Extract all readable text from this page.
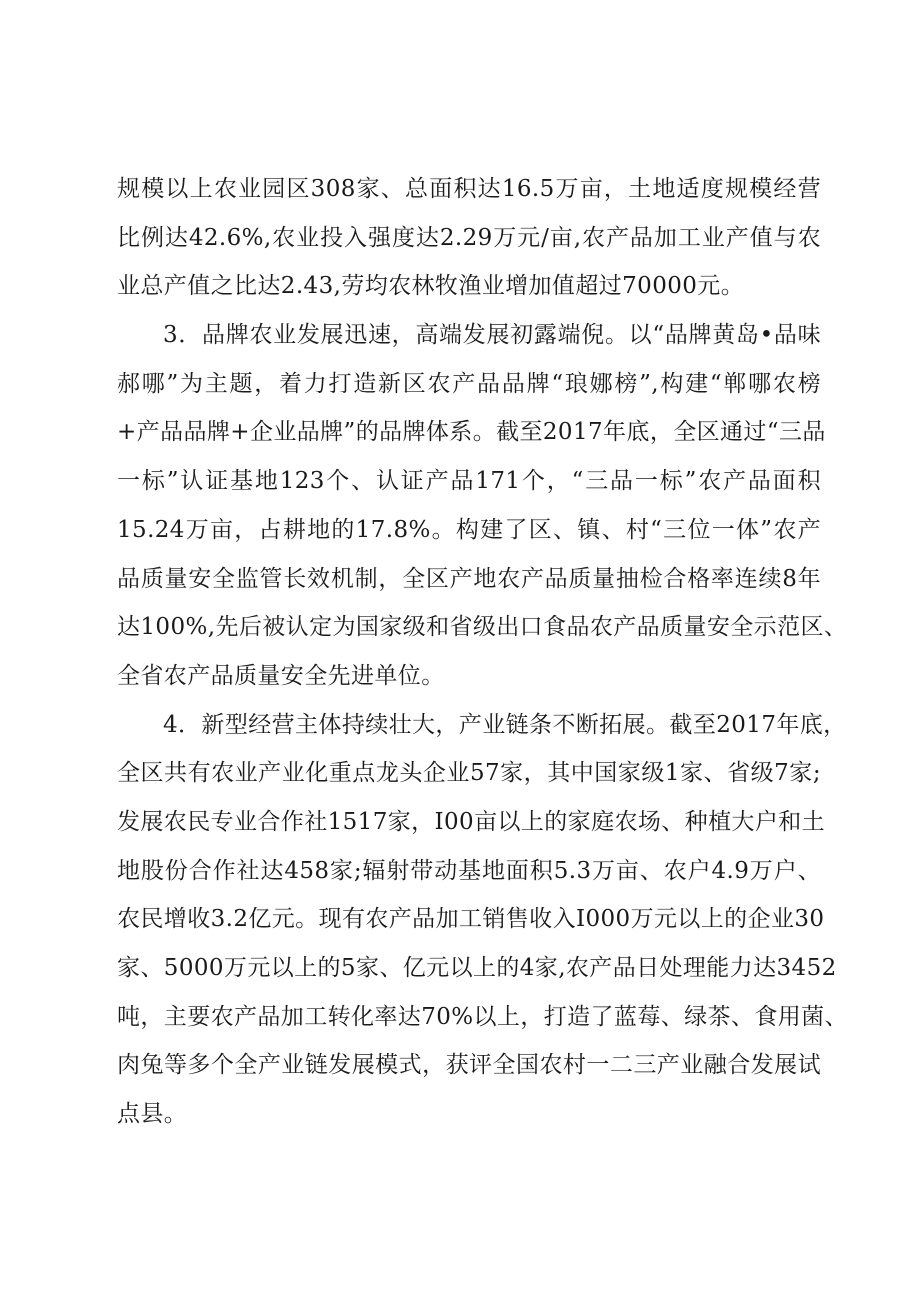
规模以上农业园区308家、总面积达16.5万亩，土地适度规模经营
比例达42.6%,农业投入强度达2.29万元/亩,农产品加工业产值与农
业总产值之比达2.43,劳均农林牧渔业增加值超过70000元。
3．品牌农业发展迅速，高端发展初露端倪。以“品牌黄岛•品味
郝哪”为主题，着力打造新区农产品品牌“琅娜榜”,构建“郸哪农榜
+产品品牌+企业品牌”的品牌体系。截至2017年底，全区通过“三品
一标”认证基地123个、认证产品171个，“三品一标”农产品面积
15.24万亩，占耕地的17.8%。构建了区、镇、村“三位一体”农产
品质量安全监管长效机制，全区产地农产品质量抽检合格率连续8年
达100%,先后被认定为国家级和省级出口食品农产品质量安全示范区、
全省农产品质量安全先进单位。
4．新型经营主体持续壮大，产业链条不断拓展。截至2017年底，
全区共有农业产业化重点龙头企业57家，其中国家级1家、省级7家;
发展农民专业合作社1517家，I00亩以上的家庭农场、种植大户和土
地股份合作社达458家;辐射带动基地面积5.3万亩、农户4.9万户、
农民增收3.2亿元。现有农产品加工销售收入I000万元以上的企业30
家、5000万元以上的5家、亿元以上的4家,农产品日处理能力达3452
吨，主要农产品加工转化率达70%以上，打造了蓝莓、绿茶、食用菌、
肉兔等多个全产业链发展模式，获评全国农村一二三产业融合发展试
点县。
